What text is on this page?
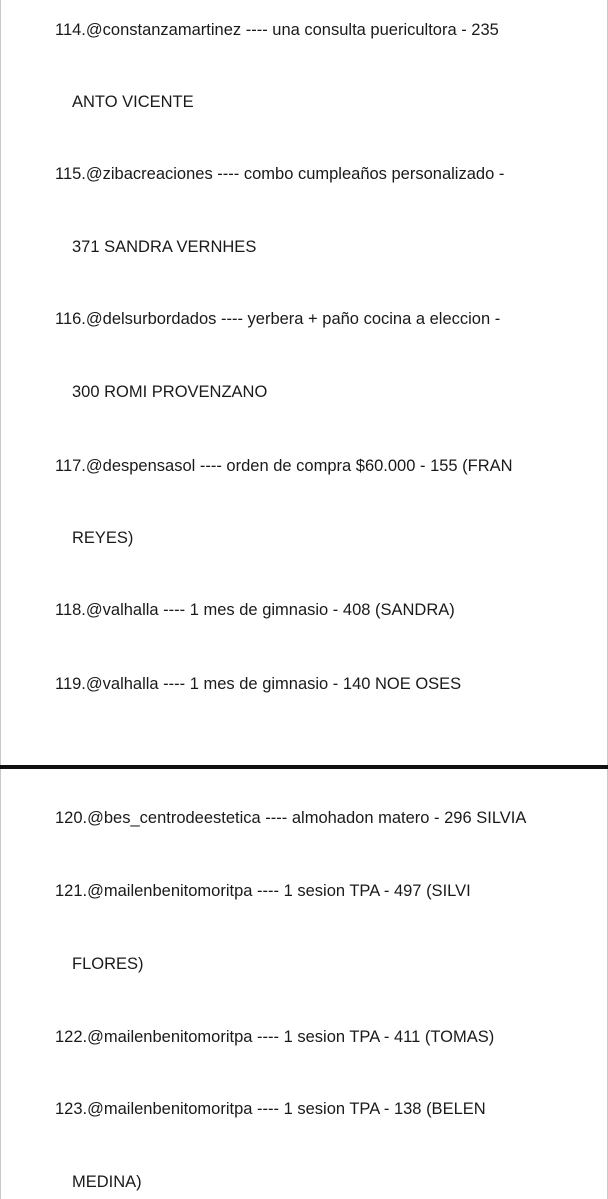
114.@constanzamartinez ---- una consulta puericultora - 235

ANTO VICENTE

115.@zibacreaciones ---- combo cumpleaños personalizado -

371 SANDRA VERNHES

116.@delsurbordados ---- yerbera + paño cocina a eleccion -

300 ROMI PROVENZANO

117.@despensasol ---- orden de compra $60.000 - 155 (FRAN

REYES)

118.@valhalla ---- 1 mes de gimnasio - 408 (SANDRA)

119.@valhalla ---- 1 mes de gimnasio - 140 NOE OSES

120.@bes_centrodeestetica ---- almohadon matero - 296 SILVIA

121.@mailenbenitomoritpa ---- 1 sesion TPA - 497 (SILVI

FLORES)

122.@mailenbenitomoritpa ---- 1 sesion TPA - 411 (TOMAS)

123.@mailenbenitomoritpa ---- 1 sesion TPA - 138 (BELEN

MEDINA)
